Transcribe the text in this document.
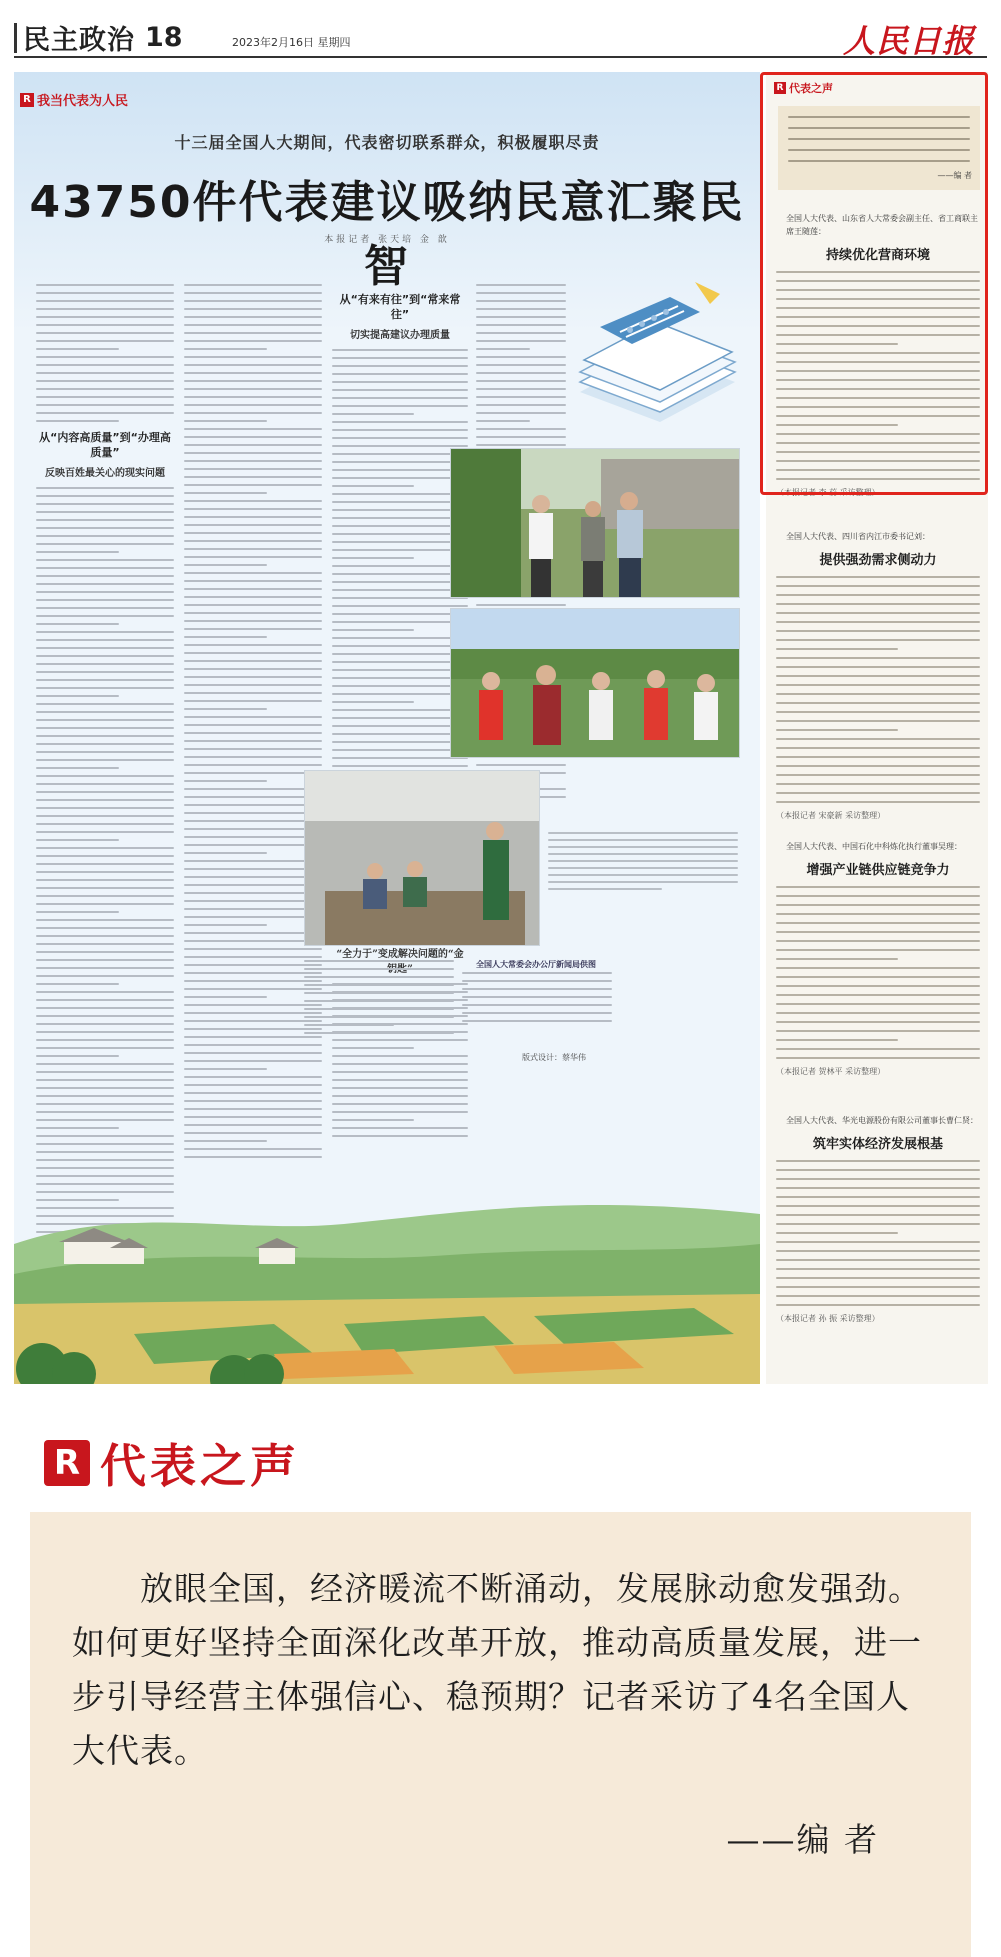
民主政治 18	2023年2月16日 星期四	人民日报
R 我当代表为人民
十三届全国人大期间，代表密切联系群众，积极履职尽责
43750件代表建议吸纳民意汇聚民智
本报记者 张天培 金 歆
从“内容高质量”到“办理高质量”
反映百姓最关心的现实问题
从“有来有往”到“常来常往”
切实提高建议办理质量
“全力于”变成解决问题的“金
全国人大常委会办公厅新闻局供图
版式设计：蔡华伟
R 代表之声
——编 者
全国人大代表、山东省人大常委会副主任、省工商联主席王随莲：
持续优化营商环境
（本报记者 李 蕊 采访整理）
全国人大代表、四川省内江市委书记刘：
提供强劲需求侧动力
（本报记者 宋豪新 采访整理）
全国人大代表、中国石化中科炼化执行董事吴理：
增强产业链供应链竞争力
（本报记者 贺林平 采访整理）
全国人大代表、华光电源股份有限公司董事长曹仁贤：
筑牢实体经济发展根基
（本报记者 孙 振 采访整理）
R 代表之声

放眼全国，经济暖流不断涌动，发展脉动愈发强劲。如何更好坚持全面深化改革开放，推动高质量发展，进一步引导经营主体强信心、稳预期？记者采访了4名全国人大代表。

——编 者
